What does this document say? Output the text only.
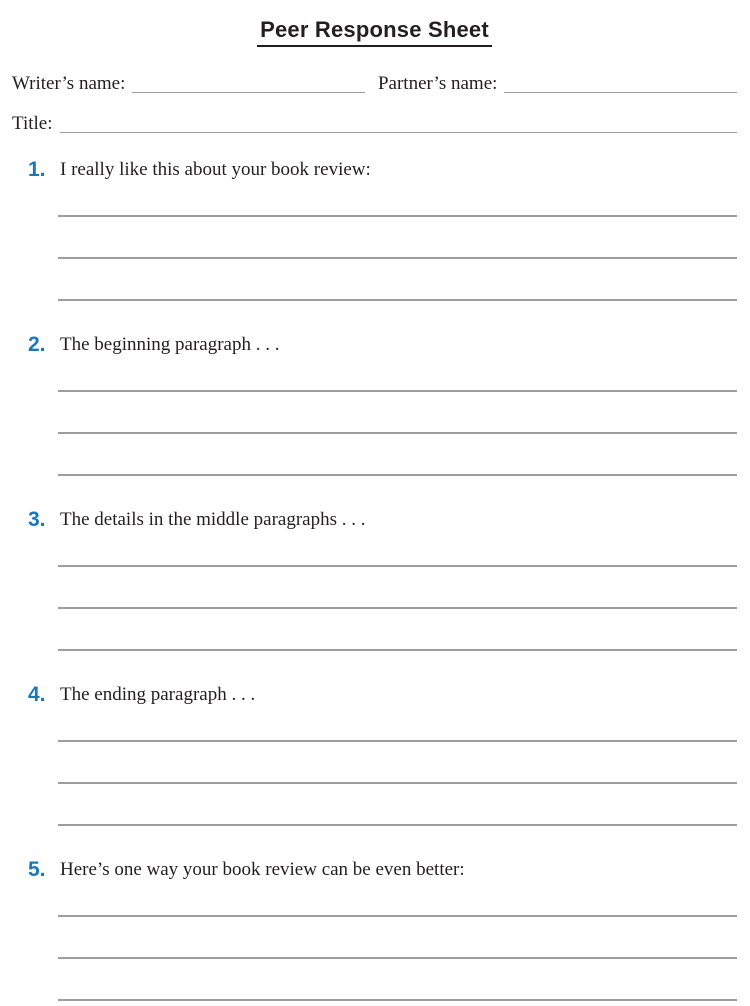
Peer Response Sheet
Writer’s name:	Partner’s name:
Title:
1. I really like this about your book review:
2. The beginning paragraph . . .
3. The details in the middle paragraphs . . .
4. The ending paragraph . . .
5. Here’s one way your book review can be even better:
